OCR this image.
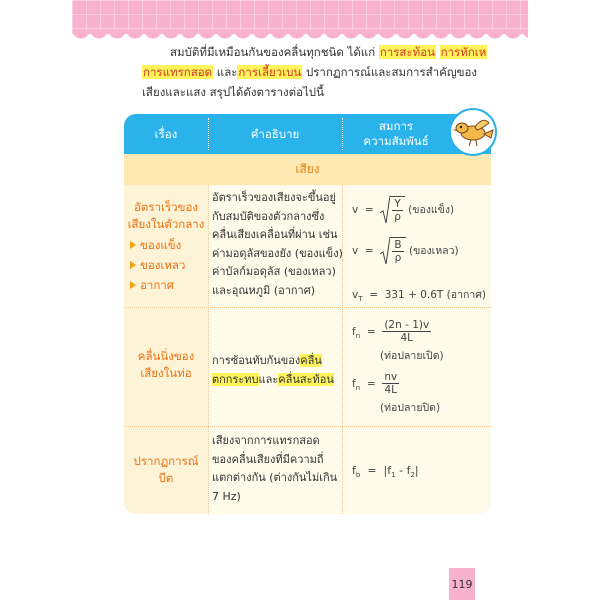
สมบัติที่มีเหมือนกันของคลื่นทุกชนิด ได้แก่ การสะท้อน การหักเห
การแทรกสอด และการเลี้ยวเบน ปรากฏการณ์และสมการสำคัญของ
เสียงและแสง สรุปได้ดังตารางต่อไปนี้
เรื่อง	คำอธิบาย
สมการ
ความสัมพันธ์
เสียง
อัตราเร็วของ
เสียงในตัวกลาง
ของแข็ง
ของเหลว
อากาศ
อัตราเร็วของเสียงจะขึ้นอยู่
กับสมบัติของตัวกลางซึ่ง
คลื่นเสียงเคลื่อนที่ผ่าน เช่น
ค่ามอดุลัสของยัง (ของแข็ง)
ค่าบัลก์มอดุลัส (ของเหลว)
และอุณหภูมิ (อากาศ)
$v = \frac{Y}{\rho}$ (ของแข็ง)
$v = \frac{B}{\rho}$ (ของเหลว)
$v_T = 331 + 0.6T$ (อากาศ)
คลื่นนิ่งของ
เสียงในท่อ
การซ้อนทับกันของคลื่น
ตกกระทบและคลื่นสะท้อน
$f_n = \frac{(2n - 1)v}{4L}$
(ท่อปลายเปิด)
$f_n = \frac{nv}{4L}$
(ท่อปลายปิด)
ปรากฏการณ์
บีต
เสียงจากการแทรกสอด
ของคลื่นเสียงที่มีความถี่
แตกต่างกัน (ต่างกันไม่เกิน
7 Hz)
$f_b = |f_1 - f_2|$
119
